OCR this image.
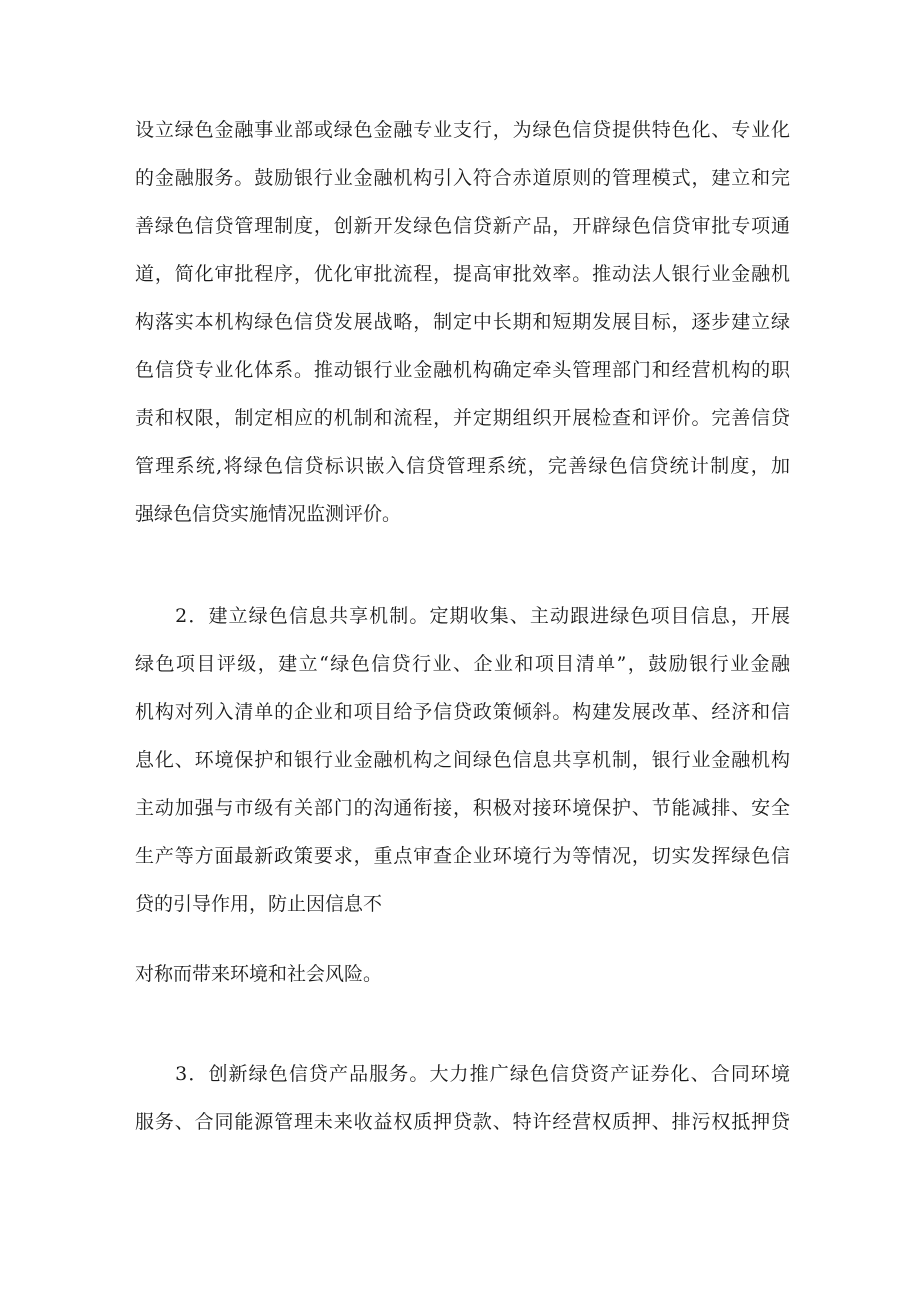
设立绿色金融事业部或绿色金融专业支行，为绿色信贷提供特色化、专业化
的金融服务。鼓励银行业金融机构引入符合赤道原则的管理模式，建立和完
善绿色信贷管理制度，创新开发绿色信贷新产品，开辟绿色信贷审批专项通
道，简化审批程序，优化审批流程，提高审批效率。推动法人银行业金融机
构落实本机构绿色信贷发展战略，制定中长期和短期发展目标，逐步建立绿
色信贷专业化体系。推动银行业金融机构确定牵头管理部门和经营机构的职
责和权限，制定相应的机制和流程，并定期组织开展检查和评价。完善信贷
管理系统,将绿色信贷标识嵌入信贷管理系统，完善绿色信贷统计制度，加
强绿色信贷实施情况监测评价。
　　2．建立绿色信息共享机制。定期收集、主动跟进绿色项目信息，开展
绿色项目评级，建立“绿色信贷行业、企业和项目清单”，鼓励银行业金融
机构对列入清单的企业和项目给予信贷政策倾斜。构建发展改革、经济和信
息化、环境保护和银行业金融机构之间绿色信息共享机制，银行业金融机构
主动加强与市级有关部门的沟通衔接，积极对接环境保护、节能减排、安全
生产等方面最新政策要求，重点审查企业环境行为等情况，切实发挥绿色信
贷的引导作用，防止因信息不
对称而带来环境和社会风险。
　　3．创新绿色信贷产品服务。大力推广绿色信贷资产证券化、合同环境
服务、合同能源管理未来收益权质押贷款、特许经营权质押、排污权抵押贷
